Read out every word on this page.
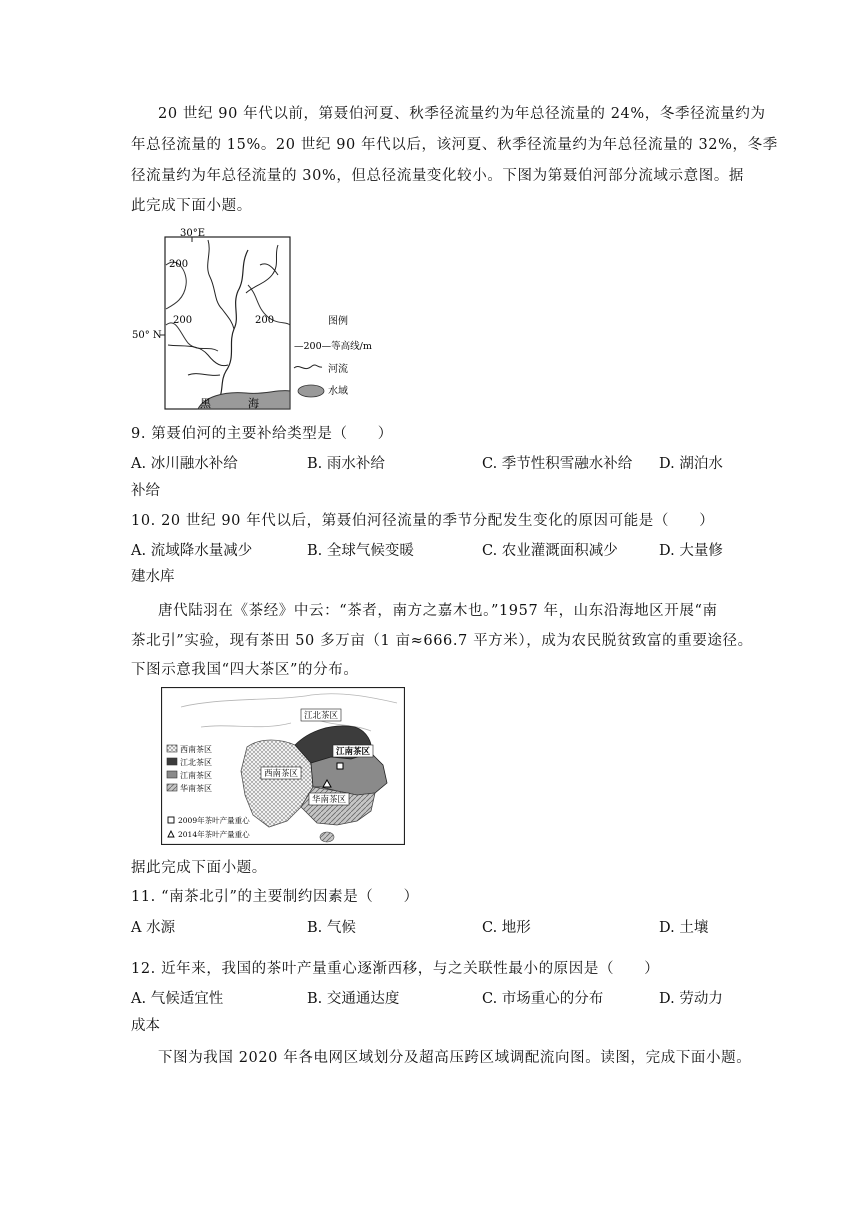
20 世纪 90 年代以前，第聂伯河夏、秋季径流量约为年总径流量的 24%，冬季径流量约为
年总径流量的 15%。20 世纪 90 年代以后，该河夏、秋季径流量约为年总径流量的 32%，冬季
径流量约为年总径流量的 30%，但总径流量变化较小。下图为第聂伯河部分流域示意图。据
此完成下面小题。
30°E
50° N
200
200	200
黑	海
图例
—200—等高线/m
河流
水域
9. 第聂伯河的主要补给类型是（　　）
A. 冰川融水补给	B. 雨水补给	C. 季节性积雪融水补给 D. 湖泊水
补给
10. 20 世纪 90 年代以后，第聂伯河径流量的季节分配发生变化的原因可能是（　　）
A. 流域降水量减少	B. 全球气候变暖	C. 农业灌溉面积减少	D. 大量修
建水库
唐代陆羽在《茶经》中云：“茶者，南方之嘉木也。”1957 年，山东沿海地区开展“南
茶北引”实验，现有茶田 50 多万亩（1 亩≈666.7 平方米），成为农民脱贫致富的重要途径。
下图示意我国“四大茶区”的分布。
江北茶区
江南茶区
西南茶区
华南茶区
西南茶区
江北茶区
江南茶区
华南茶区
2009年茶叶产量重心
2014年茶叶产量重心
据此完成下面小题。
11. “南茶北引”的主要制约因素是（　　）
A 水源	B. 气候	C. 地形	D. 土壤
12. 近年来，我国的茶叶产量重心逐渐西移，与之关联性最小的原因是（　　）
A. 气候适宜性	B. 交通通达度	C. 市场重心的分布	D. 劳动力
成本
下图为我国 2020 年各电网区域划分及超高压跨区域调配流向图。读图，完成下面小题。
